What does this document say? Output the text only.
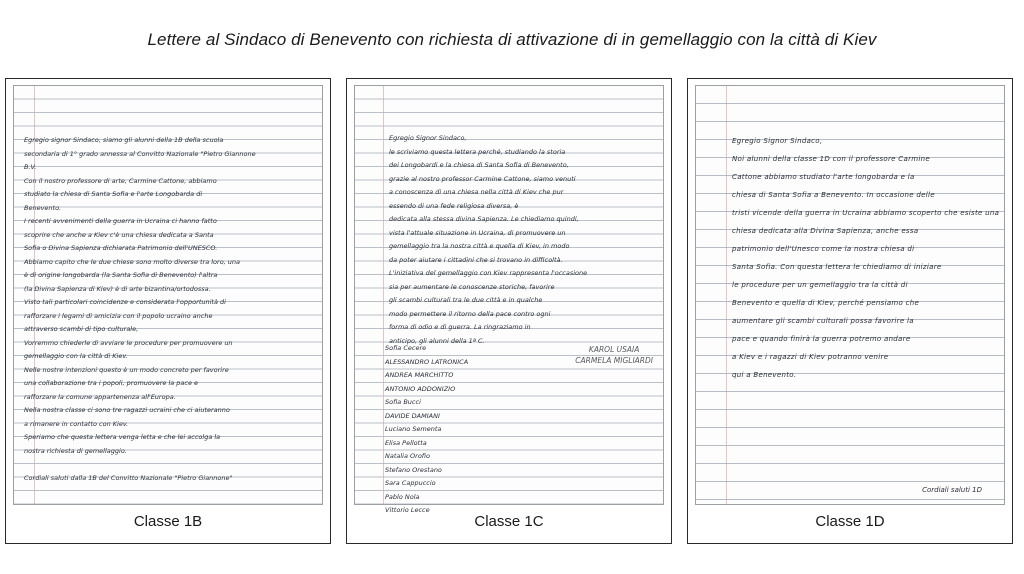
Lettere al Sindaco di Benevento con richiesta di attivazione di in gemellaggio con la città di Kiev
Egregio signor Sindaco, siamo gli alunni della 1B della scuola
secondaria di 1° grado annessa al Convitto Nazionale "Pietro Giannone
B.V.
Con il nostro professore di arte, Carmine Cattone, abbiamo
studiato la chiesa di Santa Sofia e l'arte Longobarda di
Benevento.
I recenti avvenimenti della guerra in Ucraina ci hanno fatto
scoprire che anche a Kiev c'è una chiesa dedicata a Santa
Sofia o Divina Sapienza dichiarata Patrimonio dell'UNESCO.
Abbiamo capito che le due chiese sono molto diverse tra loro, una
è di origine longobarda (la Santa Sofia di Benevento) l'altra
(la Divina Sapienza di Kiev) è di arte bizantina/ortodossa.
Visto tali particolari coincidenze e considerata l'opportunità di
rafforzare i legami di amicizia con il popolo ucraino anche
attraverso scambi di tipo culturale,
Vorremmo chiederle di avviare le procedure per promuovere un
gemellaggio con la città di Kiev.
Nelle nostre intenzioni questo è un modo concreto per favorire
una collaborazione tra i popoli, promuovere la pace e
rafforzare la comune appartenenza all'Europa.
Nella nostra classe ci sono tre ragazzi ucraini che ci aiuteranno
a rimanere in contatto con Kiev.
Speriamo che questa lettera venga letta e che lei accolga la
nostra richiesta di gemellaggio.

Cordiali saluti dalla 1B del Convitto Nazionale "Pietro Giannone"
Classe 1B
Egregio Signor Sindaco,
le scriviamo questa lettera perché, studiando la storia
dei Longobardi e la chiesa di Santa Sofia di Benevento,
grazie al nostro professor Carmine Cattone, siamo venuti
a conoscenza di una chiesa nella città di Kiev che pur
essendo di una fede religiosa diversa, è
dedicata alla stessa divina Sapienza. Le chiediamo quindi,
vista l'attuale situazione in Ucraina, di promuovere un
gemellaggio tra la nostra città e quella di Kiev, in modo
da poter aiutare i cittadini che si trovano in difficoltà.
L'iniziativa del gemellaggio con Kiev rappresenta l'occasione
sia per aumentare le conoscenze storiche, favorire
gli scambi culturali tra le due città e in qualche
modo permettere il ritorno della pace contro ogni
forma di odio e di guerra. La ringraziamo in
anticipo, gli alunni della 1ª C.
Sofia Cecere
ALESSANDRO LATRONICA
ANDREA MARCHITTO
ANTONIO ADDONIZIO
Sofia Bucci
DAVIDE DAMIANI
Luciano Sementa
Elisa Pellotta
Natalia Orofio
Stefano Orestano
Sara Cappuccio
Pablo Nola
Vittorio Lecce
KAROL USAIA
CARMELA MIGLIARDI
Classe 1C
Egregio Signor Sindaco,
Noi alunni della classe 1D con il professore Carmine
Cattone abbiamo studiato l'arte longobarda e la
chiesa di Santa Sofia a Benevento. In occasione delle
tristi vicende della guerra in Ucraina abbiamo scoperto che esiste una
chiesa dedicata alla Divina Sapienza, anche essa
patrimonio dell'Unesco come la nostra chiesa di
Santa Sofia. Con questa lettera le chiediamo di iniziare
le procedure per un gemellaggio tra la città di
Benevento e quella di Kiev, perché pensiamo che
aumentare gli scambi culturali possa favorire la
pace e quando finirà la guerra potremo andare
a Kiev e i ragazzi di Kiev potranno venire
qui a Benevento.
Cordiali saluti 1D
Classe 1D
